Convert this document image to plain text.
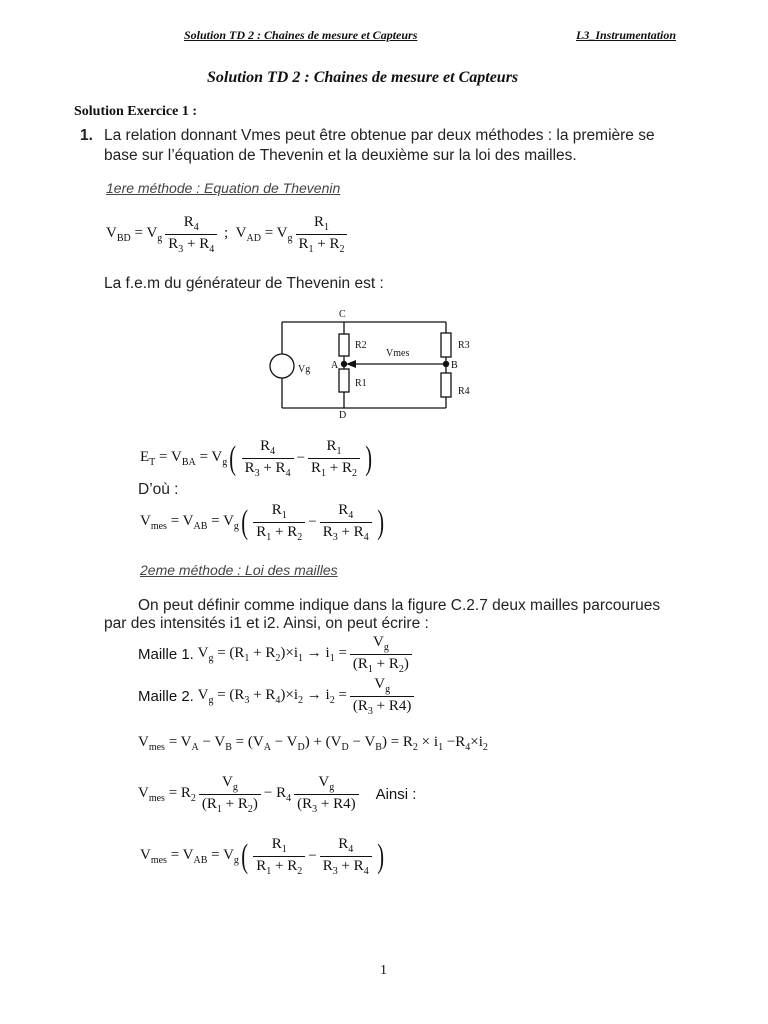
Solution TD 2 : Chaines de mesure et Capteurs	L3_Instrumentation
Solution TD 2 : Chaines de mesure et Capteurs
Solution Exercice 1 :
1. La relation donnant Vmes peut être obtenue par deux méthodes : la première se
base sur l’équation de Thevenin et la deuxième sur la loi des mailles.
1ere méthode : Equation de Thevenin
$V_{BD} = V_g \frac{R_4}{R_3 + R_4}$ ;  $V_{AD} = V_g \frac{R_1}{R_1 + R_2}$
La f.e.m du générateur de Thevenin est :
C
D
A	B
R2
R1
R3
R4
Vg
Vmes
$E_T = V_{BA} = V_g$ ( $\frac{R_4}{R_3 + R_4} - \frac{R_1}{R_1 + R_2}$ )
D’où :
$V_{mes} = V_{AB} = V_g$ ( $\frac{R_1}{R_1 + R_2} - \frac{R_4}{R_3 + R_4}$ )
2eme méthode : Loi des mailles
On peut définir comme indique dans la figure C.2.7 deux mailles parcourues
par des intensités i1 et i2. Ainsi, on peut écrire :
Maille 1. $V_g = (R_1 + R_2)\times i_1 \to i_1 = \frac{V_g}{(R_1 + R_2)}$
Maille 2. $V_g = (R_3 + R_4)\times i_2 \to i_2 = \frac{V_g}{(R_3 + R4)}$
$V_{mes} = V_A - V_B = (V_A - V_D) + (V_D - V_B) = R_2 \times i_1 -R_4\times i_2$
$V_{mes} = R_2 \frac{V_g}{(R_1 + R_2)} - R_4 \frac{V_g}{(R_3 + R4)}$ Ainsi :
$V_{mes} = V_{AB} = V_g$ ( $\frac{R_1}{R_1 + R_2} - \frac{R_4}{R_3 + R_4}$ )
1
